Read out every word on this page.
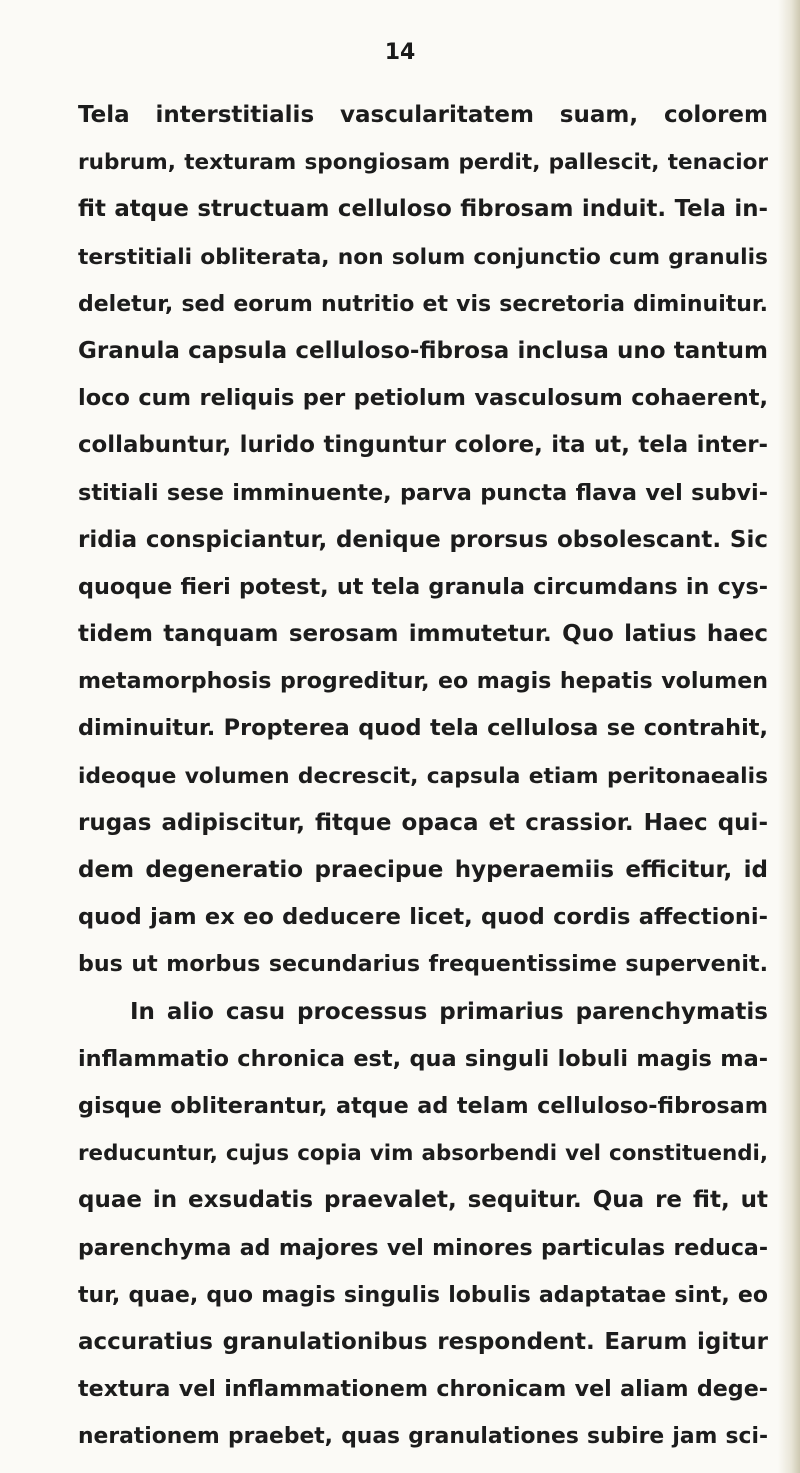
14
Tela interstitialis vascularitatem suam, colorem
rubrum, texturam spongiosam perdit, pallescit, tenacior
fit atque structuam celluloso fibrosam induit. Tela in-
terstitiali obliterata, non solum conjunctio cum granulis
deletur, sed eorum nutritio et vis secretoria diminuitur.
Granula capsula celluloso-fibrosa inclusa uno tantum
loco cum reliquis per petiolum vasculosum cohaerent,
collabuntur, lurido tinguntur colore, ita ut, tela inter-
stitiali sese imminuente, parva puncta flava vel subvi-
ridia conspiciantur, denique prorsus obsolescant. Sic
quoque fieri potest, ut tela granula circumdans in cys-
tidem tanquam serosam immutetur. Quo latius haec
metamorphosis progreditur, eo magis hepatis volumen
diminuitur. Propterea quod tela cellulosa se contrahit,
ideoque volumen decrescit, capsula etiam peritonaealis
rugas adipiscitur, fitque opaca et crassior. Haec qui-
dem degeneratio praecipue hyperaemiis efficitur, id
quod jam ex eo deducere licet, quod cordis affectioni-
bus ut morbus secundarius frequentissime supervenit.
In alio casu processus primarius parenchymatis
inflammatio chronica est, qua singuli lobuli magis ma-
gisque obliterantur, atque ad telam celluloso-fibrosam
reducuntur, cujus copia vim absorbendi vel constituendi,
quae in exsudatis praevalet, sequitur. Qua re fit, ut
parenchyma ad majores vel minores particulas reduca-
tur, quae, quo magis singulis lobulis adaptatae sint, eo
accuratius granulationibus respondent. Earum igitur
textura vel inflammationem chronicam vel aliam dege-
nerationem praebet, quas granulationes subire jam sci-
